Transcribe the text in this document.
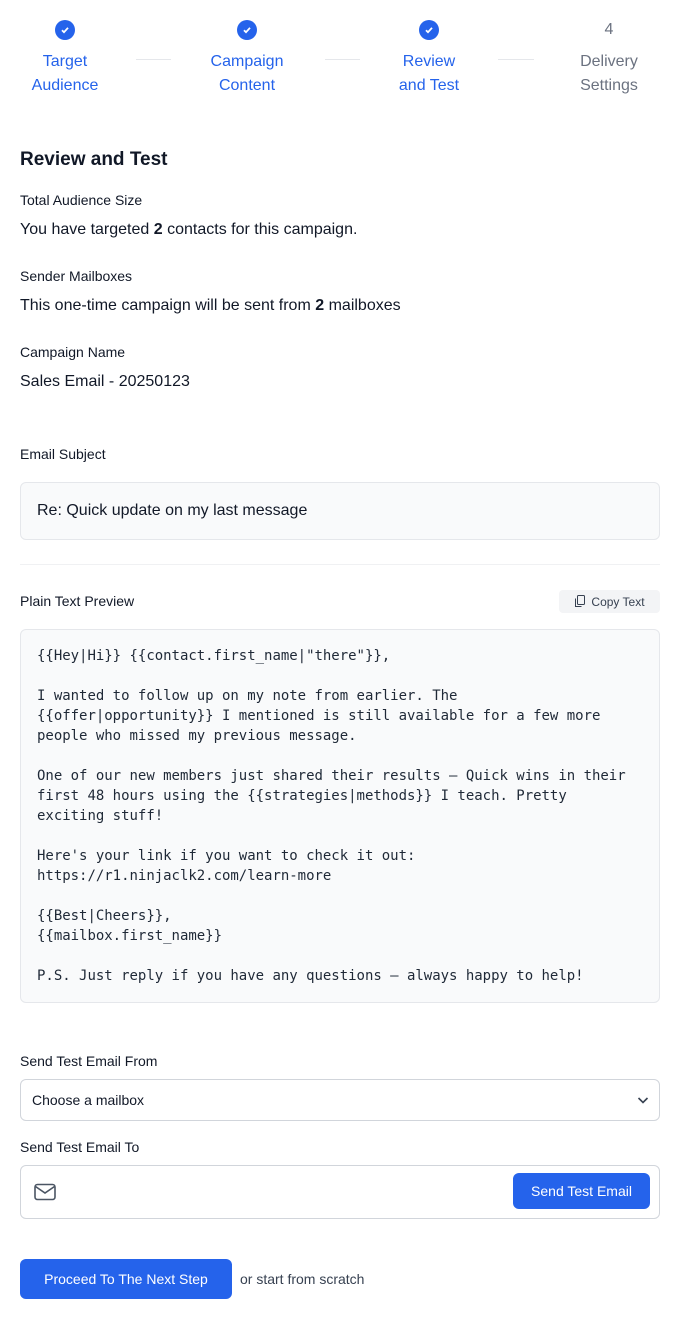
Target Audience
Campaign Content
Review and Test
4
Delivery Settings
Review and Test
Total Audience Size
You have targeted 2 contacts for this campaign.
Sender Mailboxes
This one-time campaign will be sent from 2 mailboxes
Campaign Name
Sales Email - 20250123
Email Subject
Re: Quick update on my last message
Plain Text Preview	Copy Text
{{Hey|Hi}} {{contact.first_name|"there"}},

I wanted to follow up on my note from earlier. The
{{offer|opportunity}} I mentioned is still available for a few more
people who missed my previous message.

One of our new members just shared their results – Quick wins in their
first 48 hours using the {{strategies|methods}} I teach. Pretty
exciting stuff!

Here's your link if you want to check it out:
https://r1.ninjaclk2.com/learn-more

{{Best|Cheers}},
{{mailbox.first_name}}

P.S. Just reply if you have any questions – always happy to help!
Send Test Email From
Choose a mailbox
Send Test Email To
Send Test Email
Proceed To The Next Step	or start from scratch
